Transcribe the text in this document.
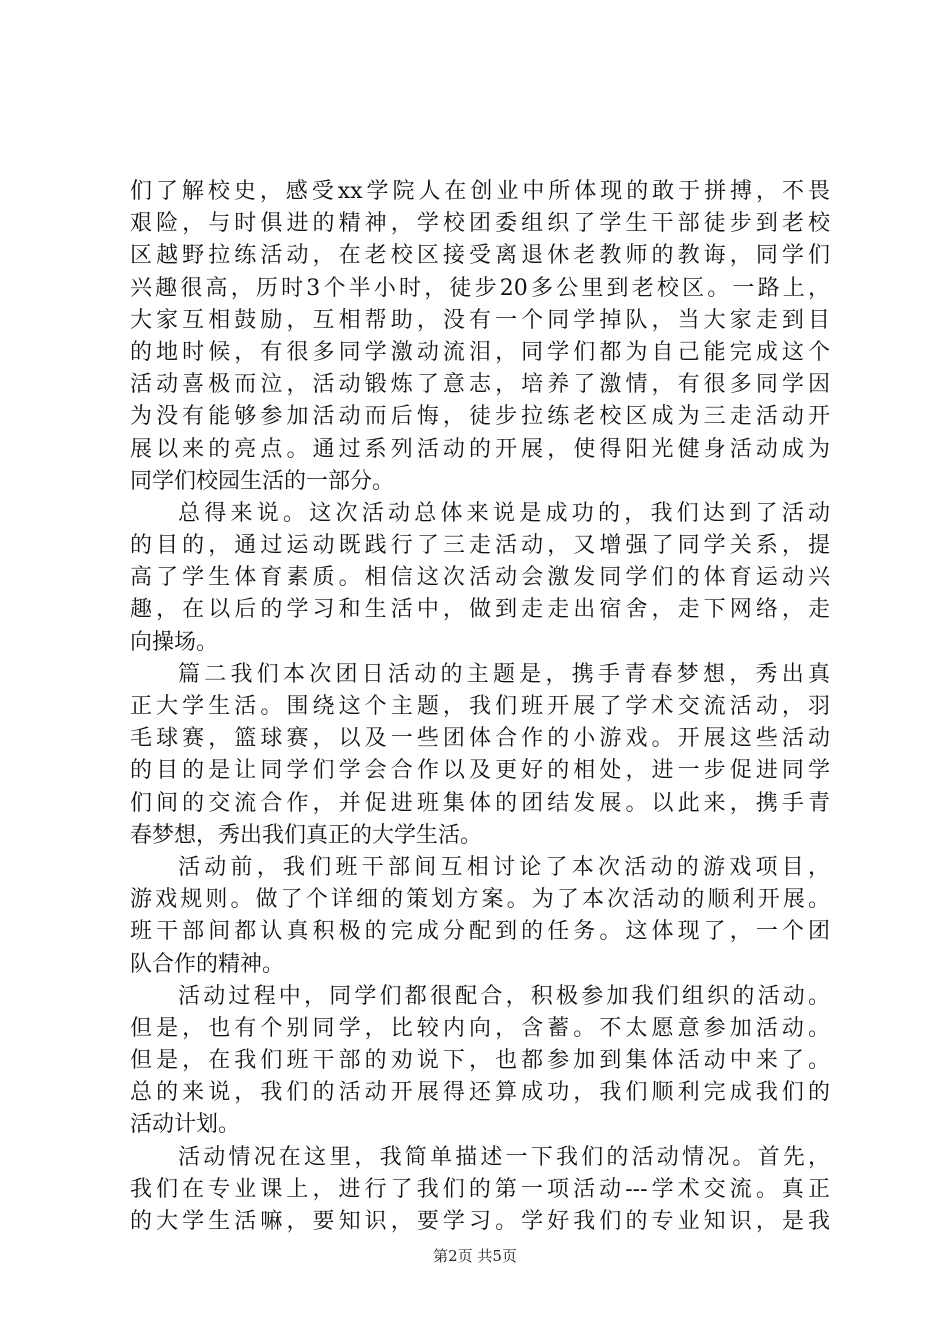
们了解校史，感受xx学院人在创业中所体现的敢于拼搏，不畏
艰险，与时俱进的精神，学校团委组织了学生干部徒步到老校
区越野拉练活动，在老校区接受离退休老教师的教诲，同学们
兴趣很高，历时3个半小时，徒步20多公里到老校区。一路上，
大家互相鼓励，互相帮助，没有一个同学掉队，当大家走到目
的地时候，有很多同学激动流泪，同学们都为自己能完成这个
活动喜极而泣，活动锻炼了意志，培养了激情，有很多同学因
为没有能够参加活动而后悔，徒步拉练老校区成为三走活动开
展以来的亮点。通过系列活动的开展，使得阳光健身活动成为
同学们校园生活的一部分。
总得来说。这次活动总体来说是成功的，我们达到了活动
的目的，通过运动既践行了三走活动，又增强了同学关系，提
高了学生体育素质。相信这次活动会激发同学们的体育运动兴
趣，在以后的学习和生活中，做到走走出宿舍，走下网络，走
向操场。
篇二我们本次团日活动的主题是，携手青春梦想，秀出真
正大学生活。围绕这个主题，我们班开展了学术交流活动，羽
毛球赛，篮球赛，以及一些团体合作的小游戏。开展这些活动
的目的是让同学们学会合作以及更好的相处，进一步促进同学
们间的交流合作，并促进班集体的团结发展。以此来，携手青
春梦想，秀出我们真正的大学生活。
活动前，我们班干部间互相讨论了本次活动的游戏项目，
游戏规则。做了个详细的策划方案。为了本次活动的顺利开展。
班干部间都认真积极的完成分配到的任务。这体现了，一个团
队合作的精神。
活动过程中，同学们都很配合，积极参加我们组织的活动。
但是，也有个别同学，比较内向，含蓄。不太愿意参加活动。
但是，在我们班干部的劝说下，也都参加到集体活动中来了。
总的来说，我们的活动开展得还算成功，我们顺利完成我们的
活动计划。
活动情况在这里，我简单描述一下我们的活动情况。首先，
我们在专业课上，进行了我们的第一项活动---学术交流。真正
的大学生活嘛，要知识，要学习。学好我们的专业知识，是我
第2页 共5页
